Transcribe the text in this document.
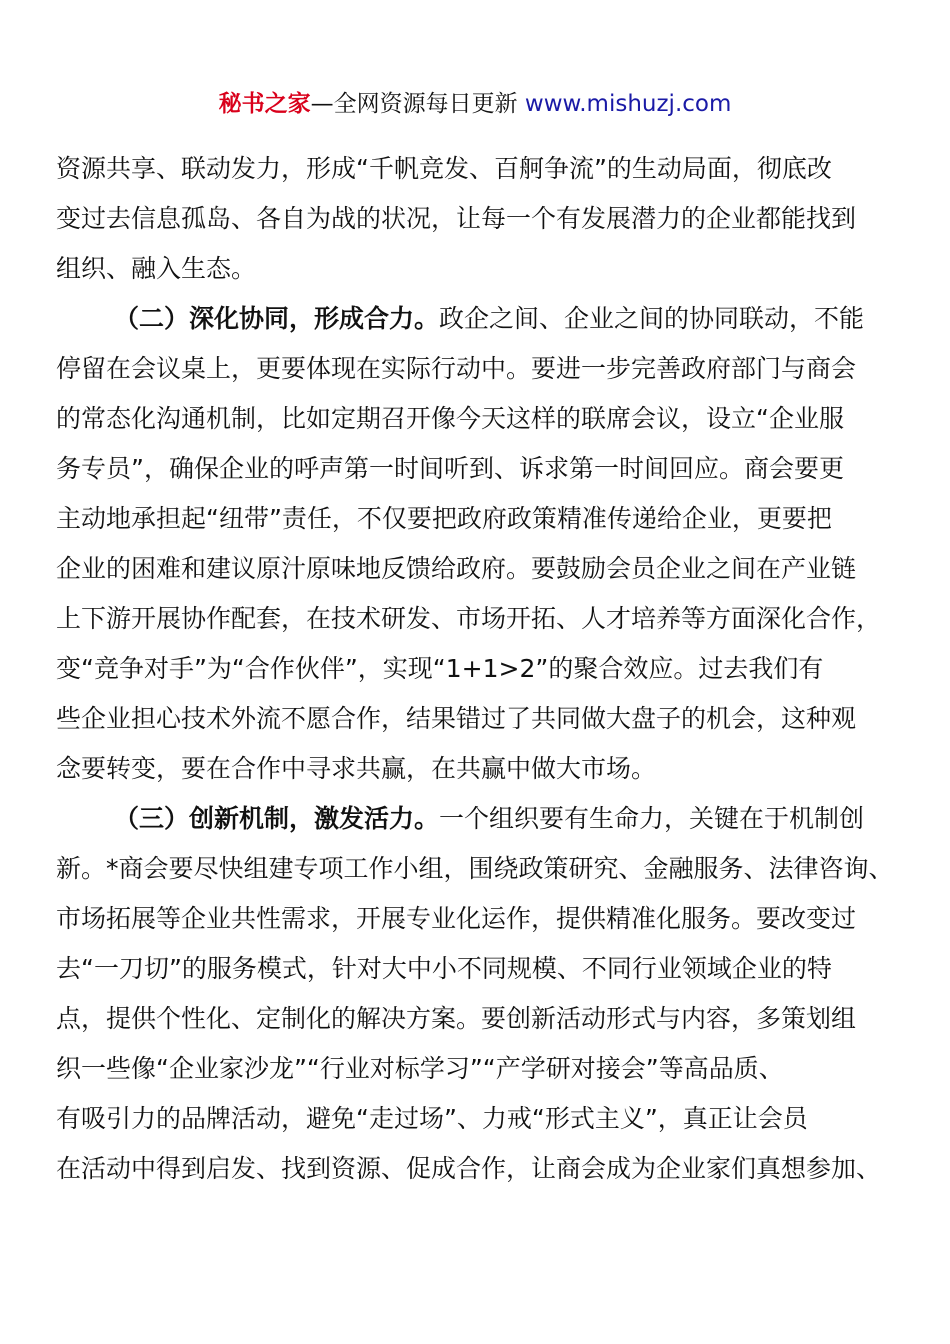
秘书之家—全网资源每日更新 www.mishuzj.com
资源共享、联动发力，形成“千帆竞发、百舸争流”的生动局面，彻底改
变过去信息孤岛、各自为战的状况，让每一个有发展潜力的企业都能找到
组织、融入生态。
（二）深化协同，形成合力。政企之间、企业之间的协同联动，不能
停留在会议桌上，更要体现在实际行动中。要进一步完善政府部门与商会
的常态化沟通机制，比如定期召开像今天这样的联席会议，设立“企业服
务专员”，确保企业的呼声第一时间听到、诉求第一时间回应。商会要更
主动地承担起“纽带”责任，不仅要把政府政策精准传递给企业，更要把
企业的困难和建议原汁原味地反馈给政府。要鼓励会员企业之间在产业链
上下游开展协作配套，在技术研发、市场开拓、人才培养等方面深化合作，
变“竞争对手”为“合作伙伴”，实现“1+1>2”的聚合效应。过去我们有
些企业担心技术外流不愿合作，结果错过了共同做大盘子的机会，这种观
念要转变，要在合作中寻求共赢，在共赢中做大市场。
（三）创新机制，激发活力。一个组织要有生命力，关键在于机制创
新。*商会要尽快组建专项工作小组，围绕政策研究、金融服务、法律咨询、
市场拓展等企业共性需求，开展专业化运作，提供精准化服务。要改变过
去“一刀切”的服务模式，针对大中小不同规模、不同行业领域企业的特
点，提供个性化、定制化的解决方案。要创新活动形式与内容，多策划组
织一些像“企业家沙龙”“行业对标学习”“产学研对接会”等高品质、
有吸引力的品牌活动，避免“走过场”、力戒“形式主义”，真正让会员
在活动中得到启发、找到资源、促成合作，让商会成为企业家们真想参加、
